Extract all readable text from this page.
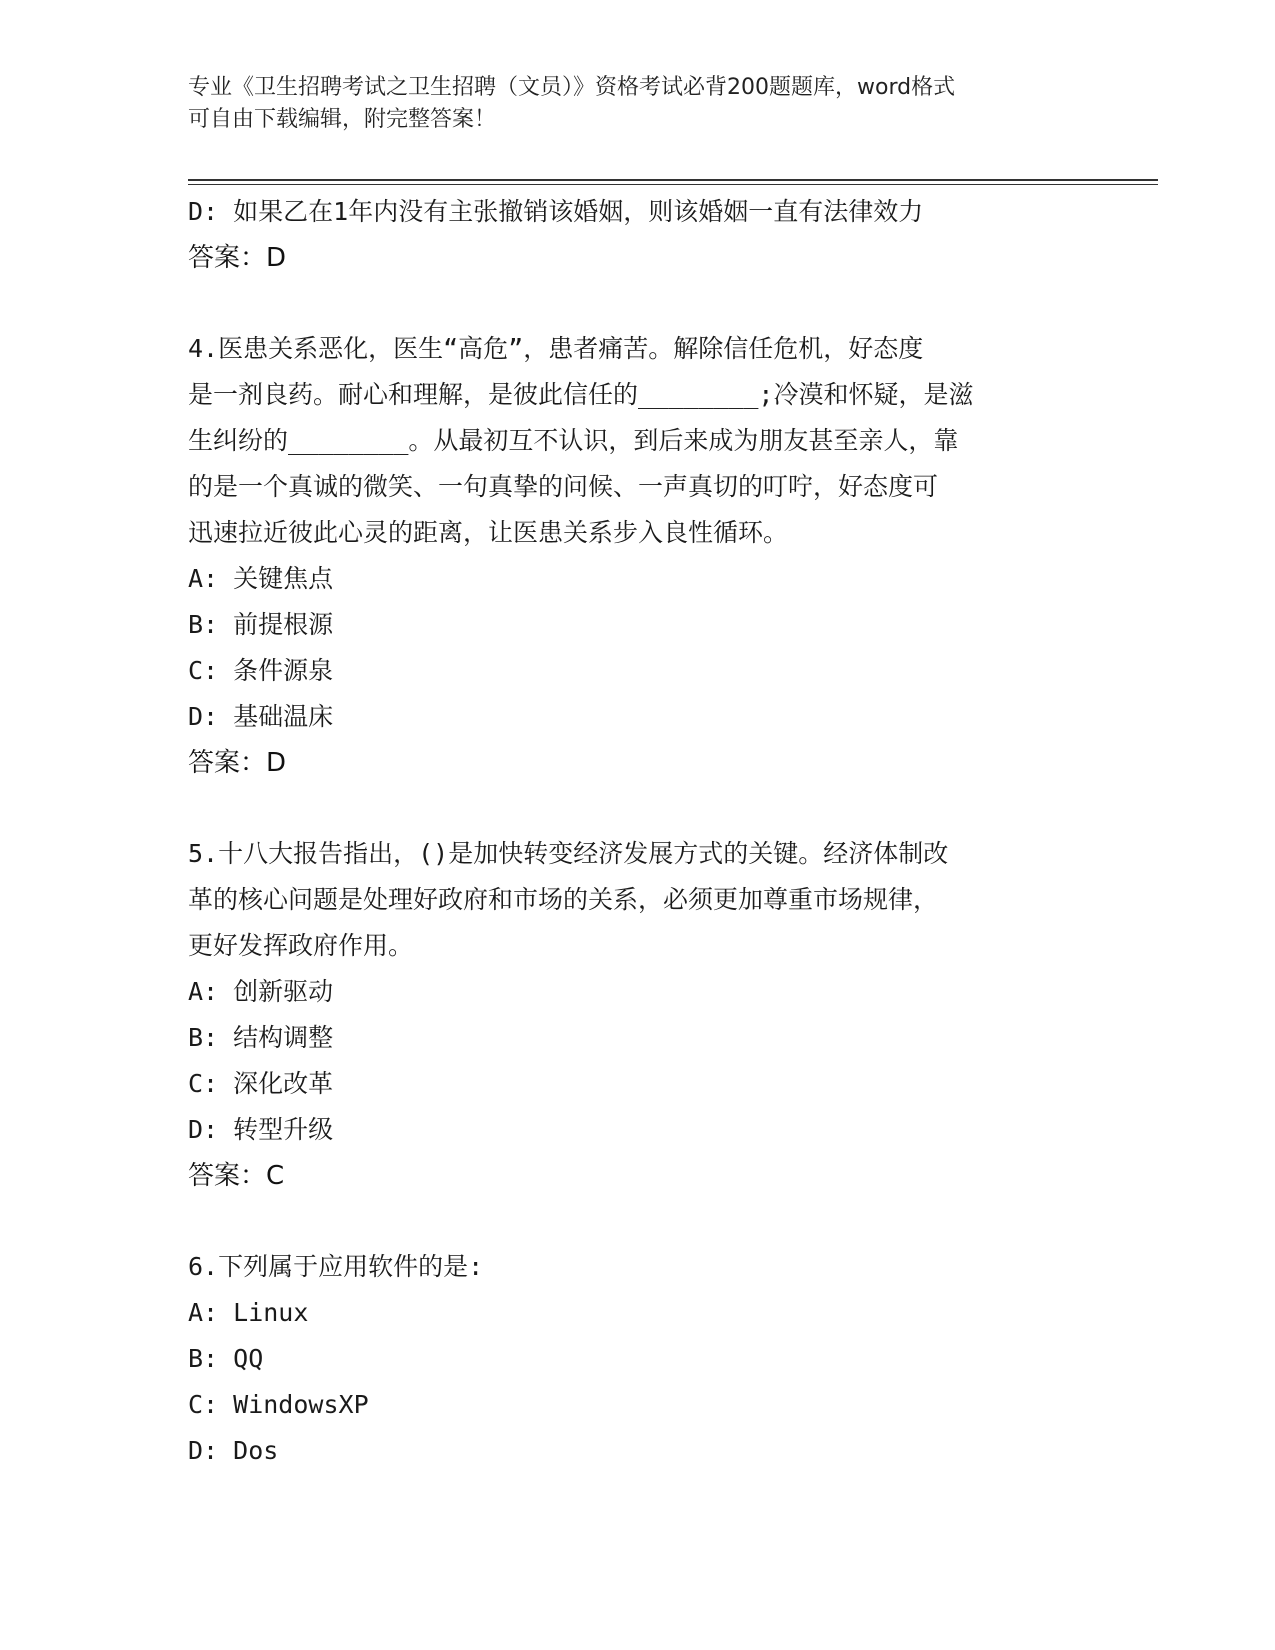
专业《卫生招聘考试之卫生招聘（文员）》资格考试必背200题题库，word格式
可自由下载编辑，附完整答案！
D: 如果乙在1年内没有主张撤销该婚姻，则该婚姻一直有法律效力
答案：D
4.医患关系恶化，医生“高危”，患者痛苦。解除信任危机，好态度
是一剂良药。耐心和理解，是彼此信任的________;冷漠和怀疑，是滋
生纠纷的________。从最初互不认识，到后来成为朋友甚至亲人，靠
的是一个真诚的微笑、一句真挚的问候、一声真切的叮咛，好态度可
迅速拉近彼此心灵的距离，让医患关系步入良性循环。
A: 关键焦点
B: 前提根源
C: 条件源泉
D: 基础温床
答案：D
5.十八大报告指出，()是加快转变经济发展方式的关键。经济体制改
革的核心问题是处理好政府和市场的关系，必须更加尊重市场规律，
更好发挥政府作用。
A: 创新驱动
B: 结构调整
C: 深化改革
D: 转型升级
答案：C
6.下列属于应用软件的是:
A: Linux
B: QQ
C: WindowsXP
D: Dos
